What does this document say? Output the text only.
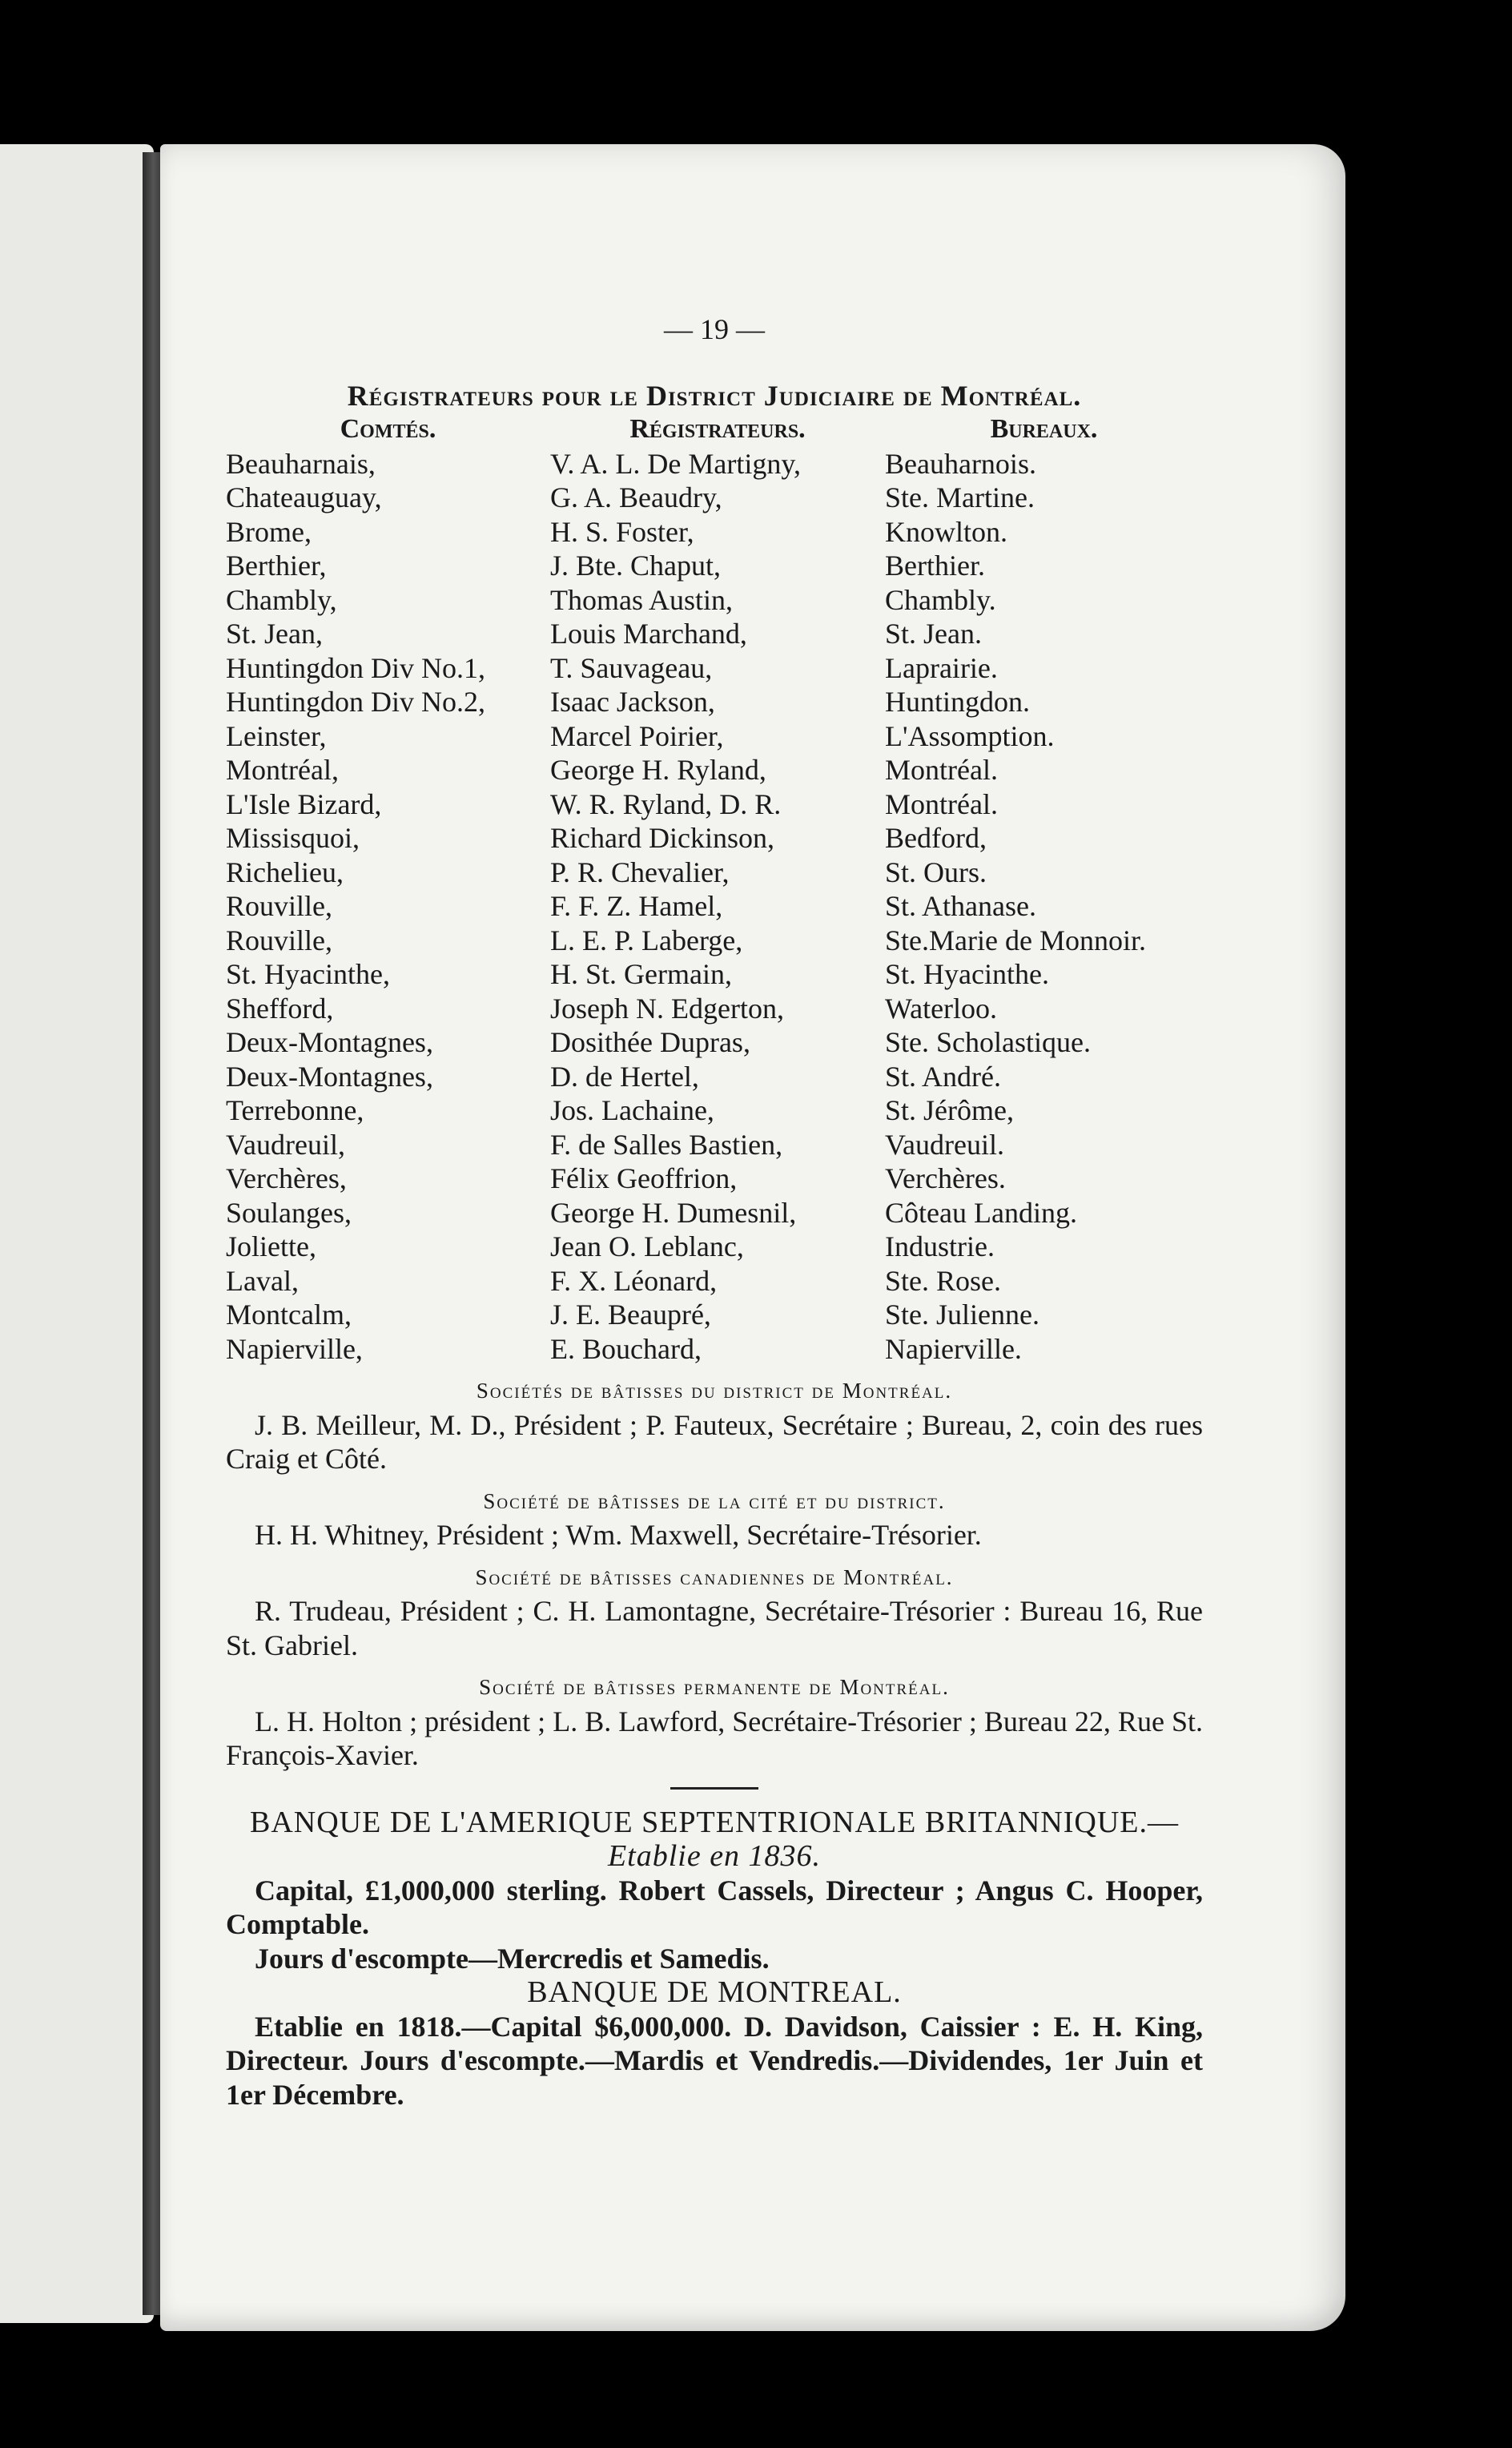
— 19 —
Régistrateurs pour le District Judiciaire de Montréal.
Comtés.	Régistrateurs.	Bureaux.
Beauharnais,	V. A. L. De Martigny,	Beauharnois.
Chateauguay,	G. A. Beaudry,	Ste. Martine.
Brome,	H. S. Foster,	Knowlton.
Berthier,	J. Bte. Chaput,	Berthier.
Chambly,	Thomas Austin,	Chambly.
St. Jean,	Louis Marchand,	St. Jean.
Huntingdon Div No.1,	T. Sauvageau,	Laprairie.
Huntingdon Div No.2,	Isaac Jackson,	Huntingdon.
Leinster,	Marcel Poirier,	L'Assomption.
Montréal,	George H. Ryland,	Montréal.
L'Isle Bizard,	W. R. Ryland, D. R.	Montréal.
Missisquoi,	Richard Dickinson,	Bedford,
Richelieu,	P. R. Chevalier,	St. Ours.
Rouville,	F. F. Z. Hamel,	St. Athanase.
Rouville,	L. E. P. Laberge,	Ste.Marie de Monnoir.
St. Hyacinthe,	H. St. Germain,	St. Hyacinthe.
Shefford,	Joseph N. Edgerton,	Waterloo.
Deux-Montagnes,	Dosithée Dupras,	Ste. Scholastique.
Deux-Montagnes,	D. de Hertel,	St. André.
Terrebonne,	Jos. Lachaine,	St. Jérôme,
Vaudreuil,	F. de Salles Bastien,	Vaudreuil.
Verchères,	Félix Geoffrion,	Verchères.
Soulanges,	George H. Dumesnil,	Côteau Landing.
Joliette,	Jean O. Leblanc,	Industrie.
Laval,	F. X. Léonard,	Ste. Rose.
Montcalm,	J. E. Beaupré,	Ste. Julienne.
Napierville,	E. Bouchard,	Napierville.
Sociétés de bâtisses du district de Montréal.
J. B. Meilleur, M. D., Président ; P. Fauteux, Secrétaire ; Bureau, 2, coin des rues Craig et Côté.
Société de bâtisses de la cité et du district.
H. H. Whitney, Président ; Wm. Maxwell, Secrétaire-Trésorier.
Société de bâtisses canadiennes de Montréal.
R. Trudeau, Président ; C. H. Lamontagne, Secrétaire-Trésorier : Bureau 16, Rue St. Gabriel.
Société de bâtisses permanente de Montréal.
L. H. Holton ; président ; L. B. Lawford, Secrétaire-Trésorier ; Bureau 22, Rue St. François-Xavier.
BANQUE DE L'AMERIQUE SEPTENTRIONALE BRITANNIQUE.—Etablie en 1836.
Capital, £1,000,000 sterling. Robert Cassels, Directeur ; Angus C. Hooper, Comptable.
Jours d'escompte—Mercredis et Samedis.
BANQUE DE MONTREAL.
Etablie en 1818.—Capital $6,000,000. D. Davidson, Caissier : E. H. King, Directeur. Jours d'escompte.—Mardis et Vendredis.—Dividendes, 1er Juin et 1er Décembre.
